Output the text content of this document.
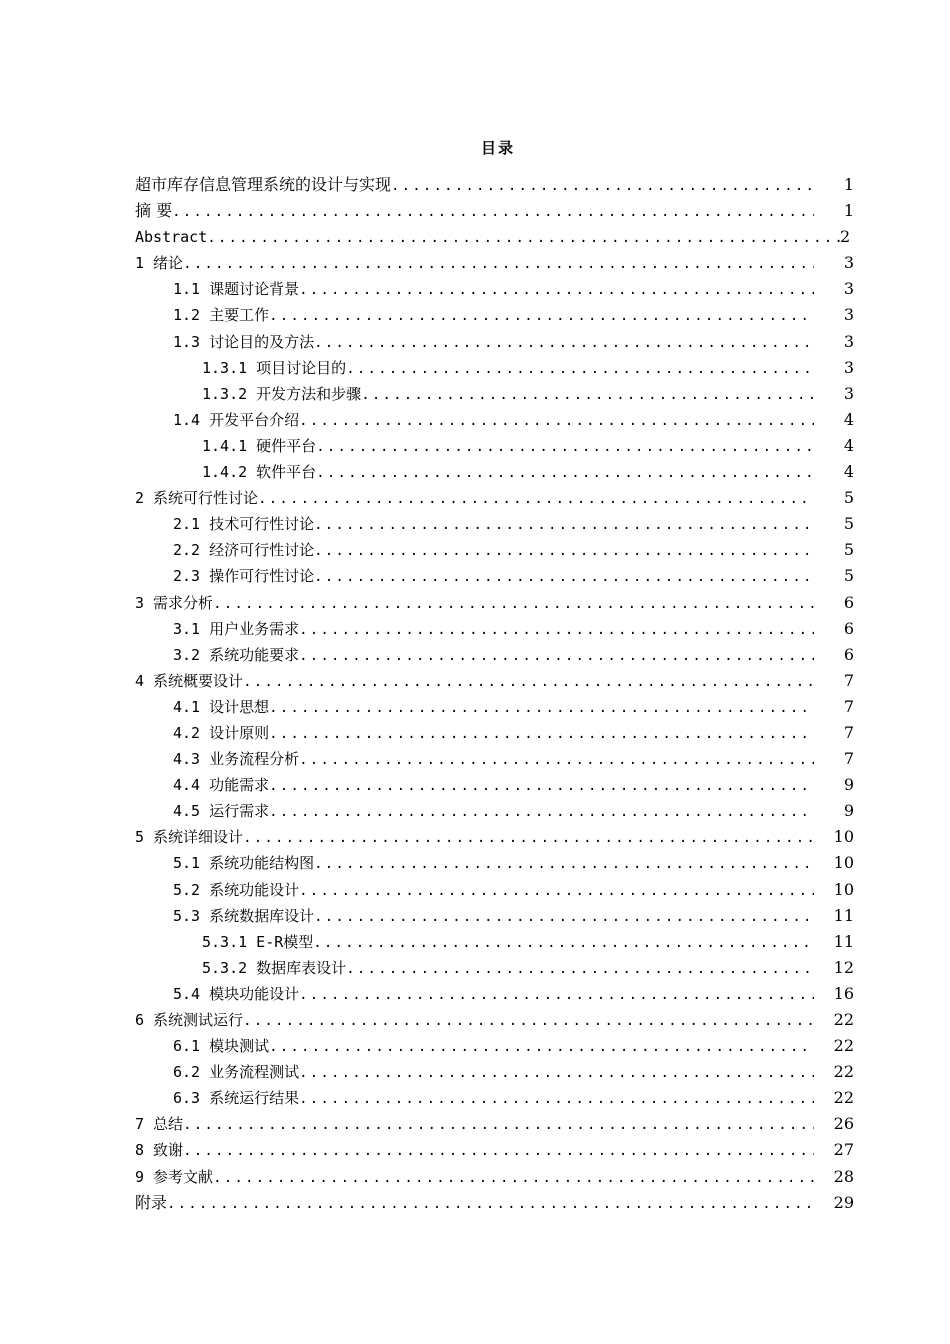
目录
超市库存信息管理系统的设计与实现 .....	1
摘 要 .....	1
Abstract .....	2
1 绪论 .....	3
1.1 课题讨论背景 .....	3
1.2 主要工作 .....	3
1.3 讨论目的及方法 .....	3
1.3.1 项目讨论目的 .....	3
1.3.2 开发方法和步骤 .....	3
1.4 开发平台介绍 .....	4
1.4.1 硬件平台 .....	4
1.4.2 软件平台 .....	4
2 系统可行性讨论 .....	5
2.1 技术可行性讨论 .....	5
2.2 经济可行性讨论 .....	5
2.3 操作可行性讨论 .....	5
3 需求分析 .....	6
3.1 用户业务需求 .....	6
3.2 系统功能要求 .....	6
4 系统概要设计 .....	7
4.1 设计思想 .....	7
4.2 设计原则 .....	7
4.3 业务流程分析 .....	7
4.4 功能需求 .....	9
4.5 运行需求 .....	9
5 系统详细设计 .....	10
5.1 系统功能结构图 .....	10
5.2 系统功能设计 .....	10
5.3 系统数据库设计 .....	11
5.3.1 E-R模型 .....	11
5.3.2 数据库表设计 .....	12
5.4 模块功能设计 .....	16
6 系统测试运行 .....	22
6.1 模块测试 .....	22
6.2 业务流程测试 .....	22
6.3 系统运行结果 .....	22
7 总结 .....	26
8 致谢 .....	27
9 参考文献 .....	28
附录 .....	29
